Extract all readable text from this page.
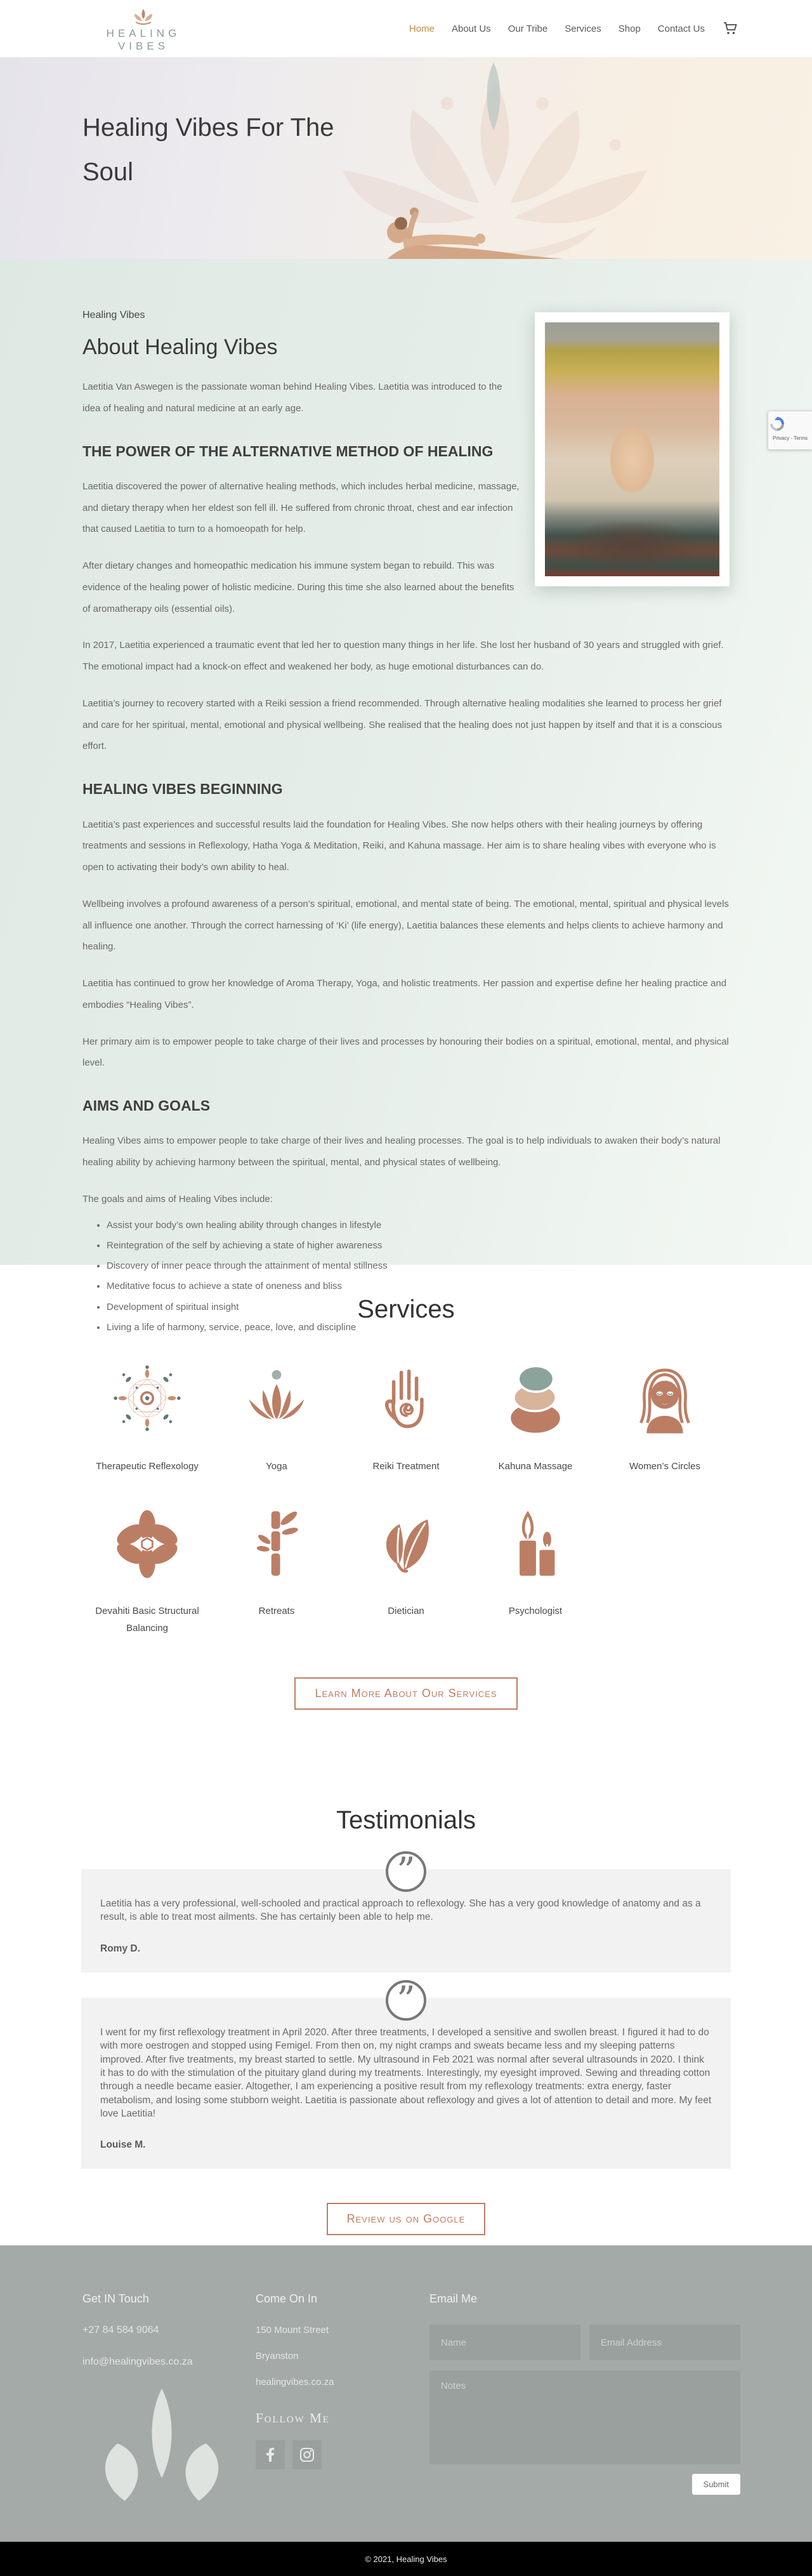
HEALING VIBES
Home About Us Our Tribe Services Shop Contact Us
Healing Vibes For The Soul
Healing Vibes
About Healing Vibes

Laetitia Van Aswegen is the passionate woman behind Healing Vibes. Laetitia was introduced to the idea of healing and natural medicine at an early age.

THE POWER OF THE ALTERNATIVE METHOD OF HEALING

Laetitia discovered the power of alternative healing methods, which includes herbal medicine, massage, and dietary therapy when her eldest son fell ill. He suffered from chronic throat, chest and ear infection that caused Laetitia to turn to a homoeopath for help.

After dietary changes and homeopathic medication his immune system began to rebuild. This was evidence of the healing power of holistic medicine. During this time she also learned about the benefits of aromatherapy oils (essential oils).

In 2017, Laetitia experienced a traumatic event that led her to question many things in her life. She lost her husband of 30 years and struggled with grief. The emotional impact had a knock-on effect and weakened her body, as huge emotional disturbances can do.

Laetitia’s journey to recovery started with a Reiki session a friend recommended. Through alternative healing modalities she learned to process her grief and care for her spiritual, mental, emotional and physical wellbeing. She realised that the healing does not just happen by itself and that it is a conscious effort.

HEALING VIBES BEGINNING

Laetitia’s past experiences and successful results laid the foundation for Healing Vibes. She now helps others with their healing journeys by offering treatments and sessions in Reflexology, Hatha Yoga & Meditation, Reiki, and Kahuna massage. Her aim is to share healing vibes with everyone who is open to activating their body’s own ability to heal.

Wellbeing involves a profound awareness of a person’s spiritual, emotional, and mental state of being. The emotional, mental, spiritual and physical levels all influence one another. Through the correct harnessing of ‘Ki’ (life energy), Laetitia balances these elements and helps clients to achieve harmony and healing.

Laetitia has continued to grow her knowledge of Aroma Therapy, Yoga, and holistic treatments. Her passion and expertise define her healing practice and embodies “Healing Vibes”.

Her primary aim is to empower people to take charge of their lives and processes by honouring their bodies on a spiritual, emotional, mental, and physical level.

AIMS AND GOALS

Healing Vibes aims to empower people to take charge of their lives and healing processes. The goal is to help individuals to awaken their body’s natural healing ability by achieving harmony between the spiritual, mental, and physical states of wellbeing.

The goals and aims of Healing Vibes include:

• Assist your body’s own healing ability through changes in lifestyle
• Reintegration of the self by achieving a state of higher awareness
• Discovery of inner peace through the attainment of mental stillness
• Meditative focus to achieve a state of oneness and bliss
• Development of spiritual insight
• Living a life of harmony, service, peace, love, and discipline
Privacy - Terms
Services
Therapeutic Reflexology	Yoga	Reiki Treatment	Kahuna Massage	Women’s Circles
Devahiti Basic Structural Balancing
Retreats	Dietician	Psychologist
Learn More About Our Services
Testimonials
”
Laetitia has a very professional, well-schooled and practical approach to reflexology. She has a very good knowledge of anatomy and as a result, is able to treat most ailments. She has certainly been able to help me.
Romy D.
”
I went for my first reflexology treatment in April 2020. After three treatments, I developed a sensitive and swollen breast. I figured it had to do with more oestrogen and stopped using Femigel. From then on, my night cramps and sweats became less and my sleeping patterns improved. After five treatments, my breast started to settle. My ultrasound in Feb 2021 was normal after several ultrasounds in 2020. I think it has to do with the stimulation of the pituitary gland during my treatments. Interestingly, my eyesight improved. Sewing and threading cotton through a needle became easier. Altogether, I am experiencing a positive result from my reflexology treatments: extra energy, faster metabolism, and losing some stubborn weight. Laetitia is passionate about reflexology and gives a lot of attention to detail and more. My feet love Laetitia!
Louise M.
Review us on Google
Get IN Touch
+27 84 584 9064
info@healingvibes.co.za
Come On In
150 Mount Street
Bryanston
healingvibes.co.za
Follow Me
Email Me
Name
Email Address
Notes
Submit
© 2021, Healing Vibes
